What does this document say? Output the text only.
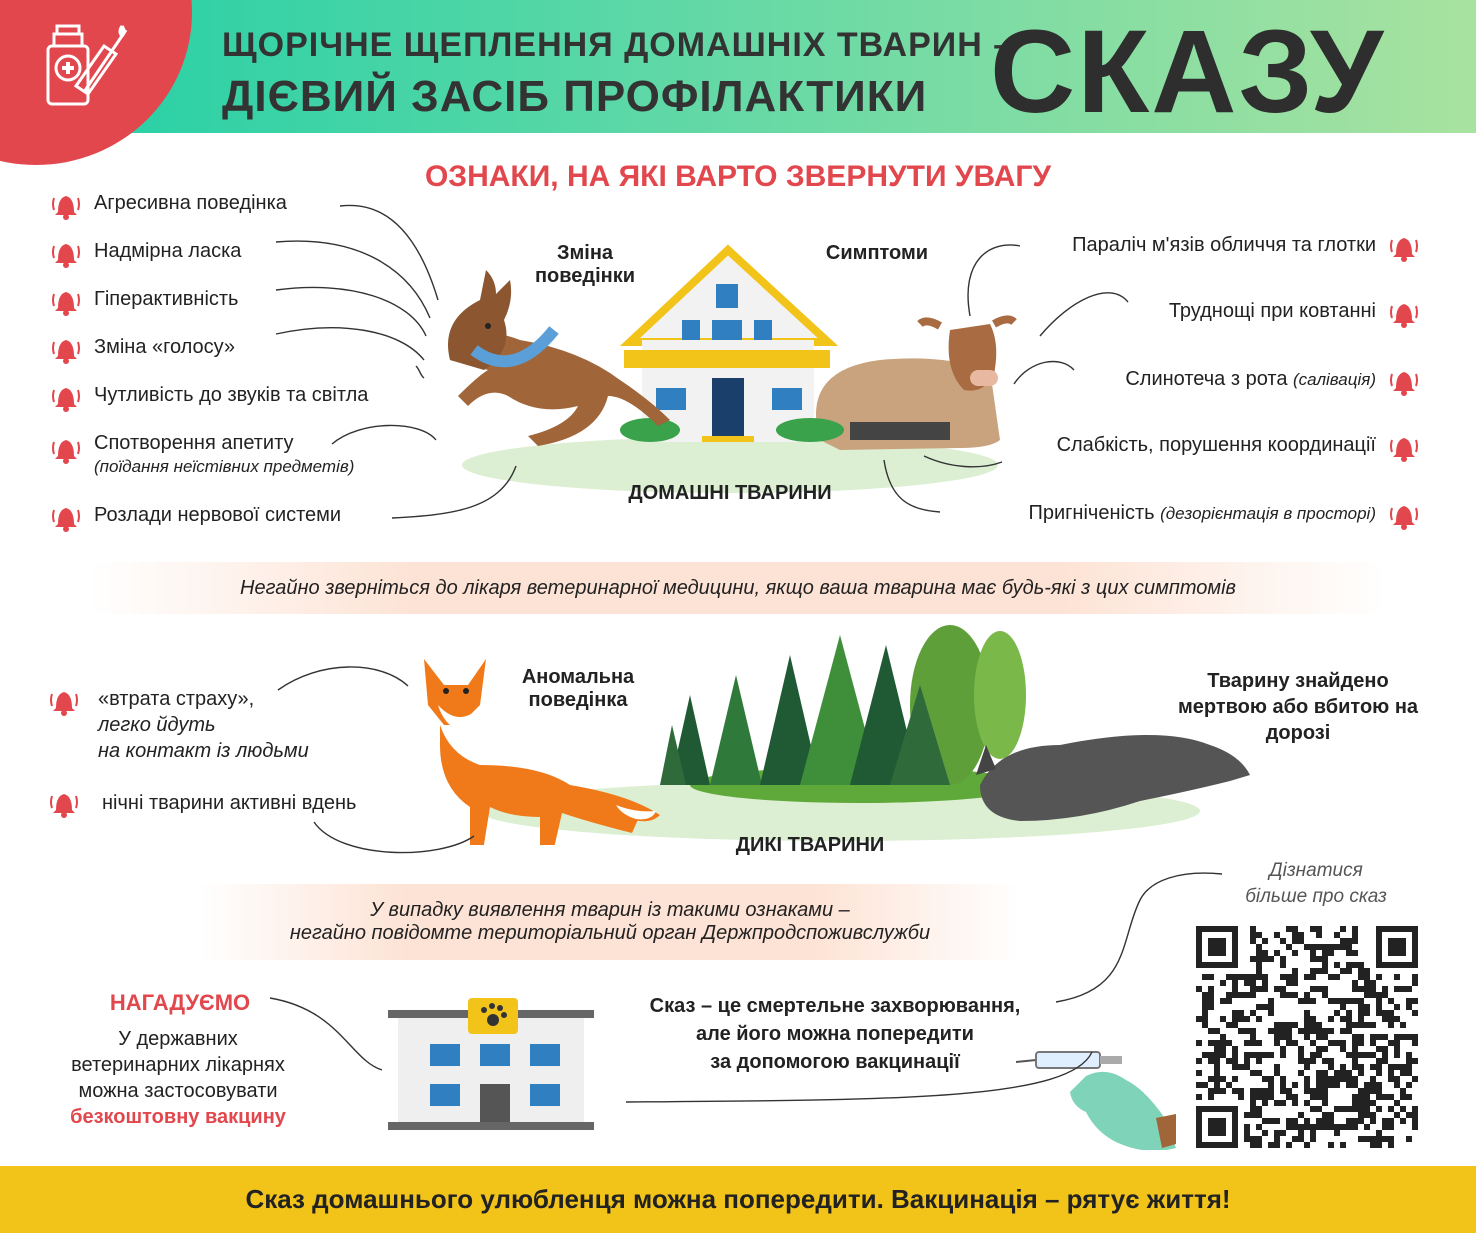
ЩОРІЧНЕ ЩЕПЛЕННЯ ДОМАШНІХ ТВАРИН –
ДІЄВИЙ ЗАСІБ ПРОФІЛАКТИКИ СКАЗУ
ОЗНАКИ, НА ЯКІ ВАРТО ЗВЕРНУТИ УВАГУ
Агресивна поведінка
Надмірна ласка
Гіперактивність
Зміна «голосу»
Чутливість до звуків та світла
Спотворення апетиту
(поїдання неїстівних предметів)
Розлади нервової системи
Параліч м'язів обличчя та глотки
Труднощі при ковтанні
Слинотеча з рота (салівація)
Слабкість, порушення координації
Пригніченість (дезорієнтація в просторі)
Зміна поведінки
Симптоми
ДОМАШНІ ТВАРИНИ
Негайно зверніться до лікаря ветеринарної медицини, якщо ваша тварина має будь-які з цих симптомів
Аномальна поведінка
«втрата страху»,
легко йдуть
на контакт із людьми
нічні тварини активні вдень
Тварину знайдено мертвою або вбитою на дорозі
ДИКІ ТВАРИНИ
У випадку виявлення тварин із такими ознаками –
негайно повідомте територіальний орган Держпродспоживслужби
НАГАДУЄМО
У державних
ветеринарних лікарнях
можна застосовувати
безкоштовну вакцину
Сказ – це смертельне захворювання,
але його можна попередити
за допомогою вакцинації
Дізнатися
більше про сказ
Сказ домашнього улюбленця можна попередити. Вакцинація – рятує життя!
